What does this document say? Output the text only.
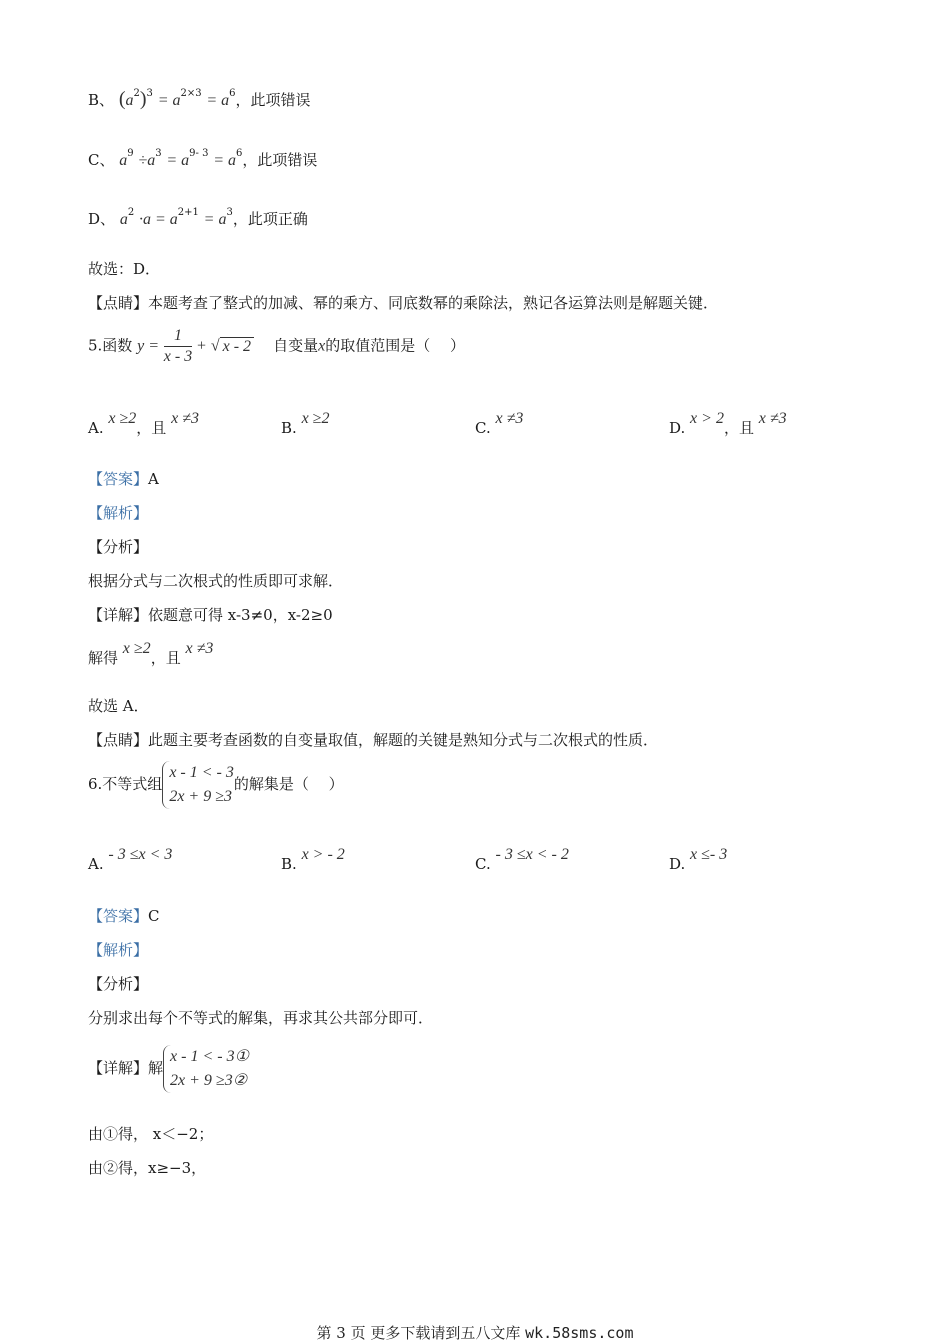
B、 $(a^2)^3 = a^{2\times 3} = a^6$，此项错误
C、 $a^9 \div a^3 = a^{9- 3} = a^6$，此项错误
D、 $a^2 \cdot a = a^{2+1} = a^3$，此项正确
故选：D．
【点睛】本题考查了整式的加减、幂的乘方、同底数幂的乘除法，熟记各运算法则是解题关键．
5.函数 $y = \frac{1}{x - 3}$ + √ x - 2 自变量x的取值范围是（　 ）
A. x ≥2，且 x ≠3
B. x ≥2
C. x ≠3
D. x > 2，且 x ≠3
【答案】A
【解析】
【分析】
根据分式与二次根式的性质即可求解．
【详解】依题意可得 x-3≠0，x-2≥0
解得 x ≥2，且 x ≠3
故选 A．
【点睛】此题主要考查函数的自变量取值，解题的关键是熟知分式与二次根式的性质．
6.不等式组
x - 1 < - 3
2x + 9 ≥3
的解集是（　 ）
A. - 3 ≤x < 3
B. x > - 2
C. - 3 ≤x < - 2
D. x ≤- 3
【答案】C
【解析】
【分析】
分别求出每个不等式的解集，再求其公共部分即可．
【详解】解
x - 1 < - 3①
2x + 9 ≥3②
由①得， x＜−2；
由②得，x≥−3，
第 3 页 更多下载请到五八文库 wk.58sms.com
